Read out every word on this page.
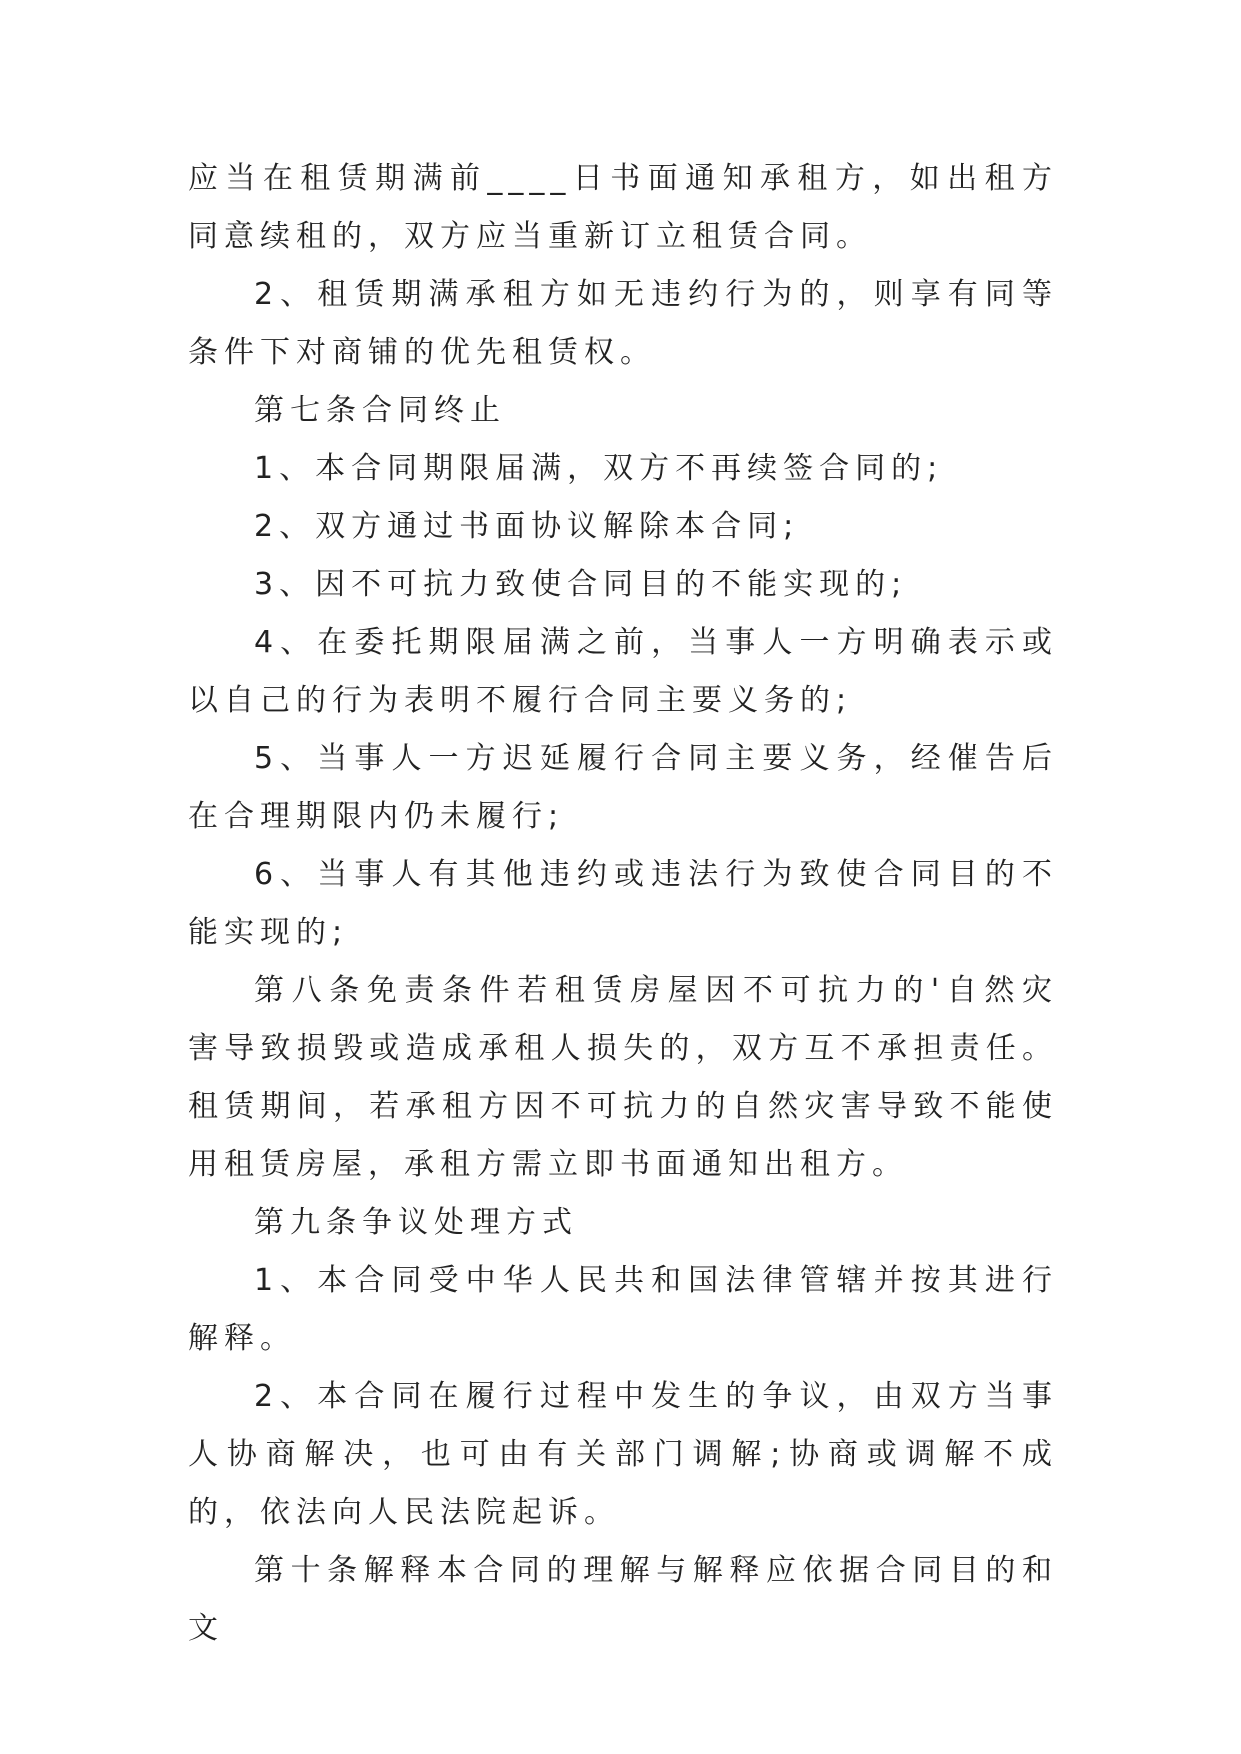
应当在租赁期满前____日书面通知承租方，如出租方同意续租的，双方应当重新订立租赁合同。

2、租赁期满承租方如无违约行为的，则享有同等条件下对商铺的优先租赁权。

第七条合同终止

1、本合同期限届满，双方不再续签合同的;

2、双方通过书面协议解除本合同;

3、因不可抗力致使合同目的不能实现的;

4、在委托期限届满之前，当事人一方明确表示或以自己的行为表明不履行合同主要义务的;

5、当事人一方迟延履行合同主要义务，经催告后在合理期限内仍未履行;

6、当事人有其他违约或违法行为致使合同目的不能实现的;

第八条免责条件若租赁房屋因不可抗力的'自然灾害导致损毁或造成承租人损失的，双方互不承担责任。租赁期间，若承租方因不可抗力的自然灾害导致不能使用租赁房屋，承租方需立即书面通知出租方。

第九条争议处理方式

1、本合同受中华人民共和国法律管辖并按其进行解释。

2、本合同在履行过程中发生的争议，由双方当事人协商解决，也可由有关部门调解;协商或调解不成的，依法向人民法院起诉。

第十条解释本合同的理解与解释应依据合同目的和文
